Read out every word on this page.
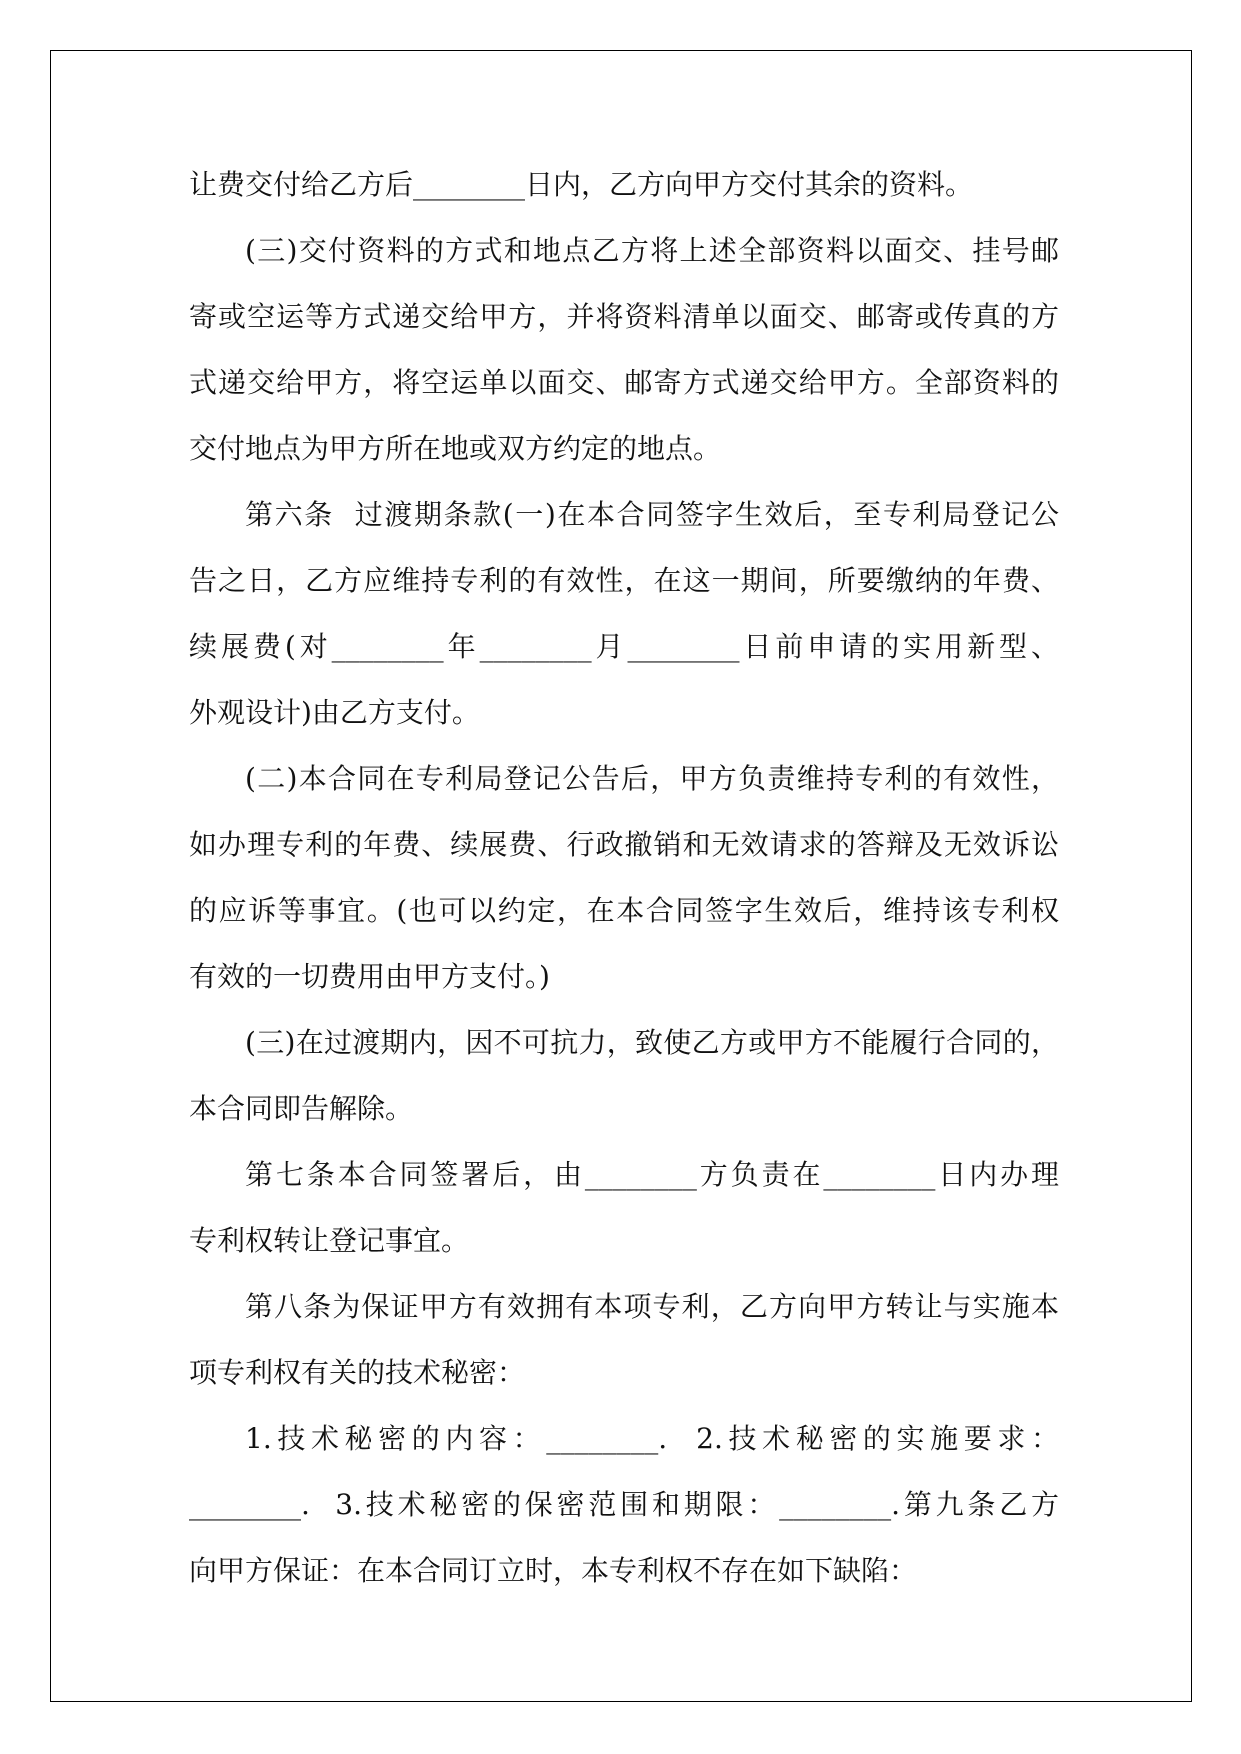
让费交付给乙方后________日内，乙方向甲方交付其余的资料。
(三)交付资料的方式和地点乙方将上述全部资料以面交、挂号邮
寄或空运等方式递交给甲方，并将资料清单以面交、邮寄或传真的方
式递交给甲方，将空运单以面交、邮寄方式递交给甲方。全部资料的
交付地点为甲方所在地或双方约定的地点。
第六条  过渡期条款(一)在本合同签字生效后，至专利局登记公
告之日，乙方应维持专利的有效性，在这一期间，所要缴纳的年费、
续展费(对________年________月________日前申请的实用新型、
外观设计)由乙方支付。
(二)本合同在专利局登记公告后，甲方负责维持专利的有效性，
如办理专利的年费、续展费、行政撤销和无效请求的答辩及无效诉讼
的应诉等事宜。(也可以约定，在本合同签字生效后，维持该专利权
有效的一切费用由甲方支付。)
(三)在过渡期内，因不可抗力，致使乙方或甲方不能履行合同的，
本合同即告解除。
第七条本合同签署后，由________方负责在________日内办理
专利权转让登记事宜。
第八条为保证甲方有效拥有本项专利，乙方向甲方转让与实施本
项专利权有关的技术秘密：
1.技术秘密的内容：________.  2.技术秘密的实施要求：
________.  3.技术秘密的保密范围和期限：________.第九条乙方
向甲方保证：在本合同订立时，本专利权不存在如下缺陷：
